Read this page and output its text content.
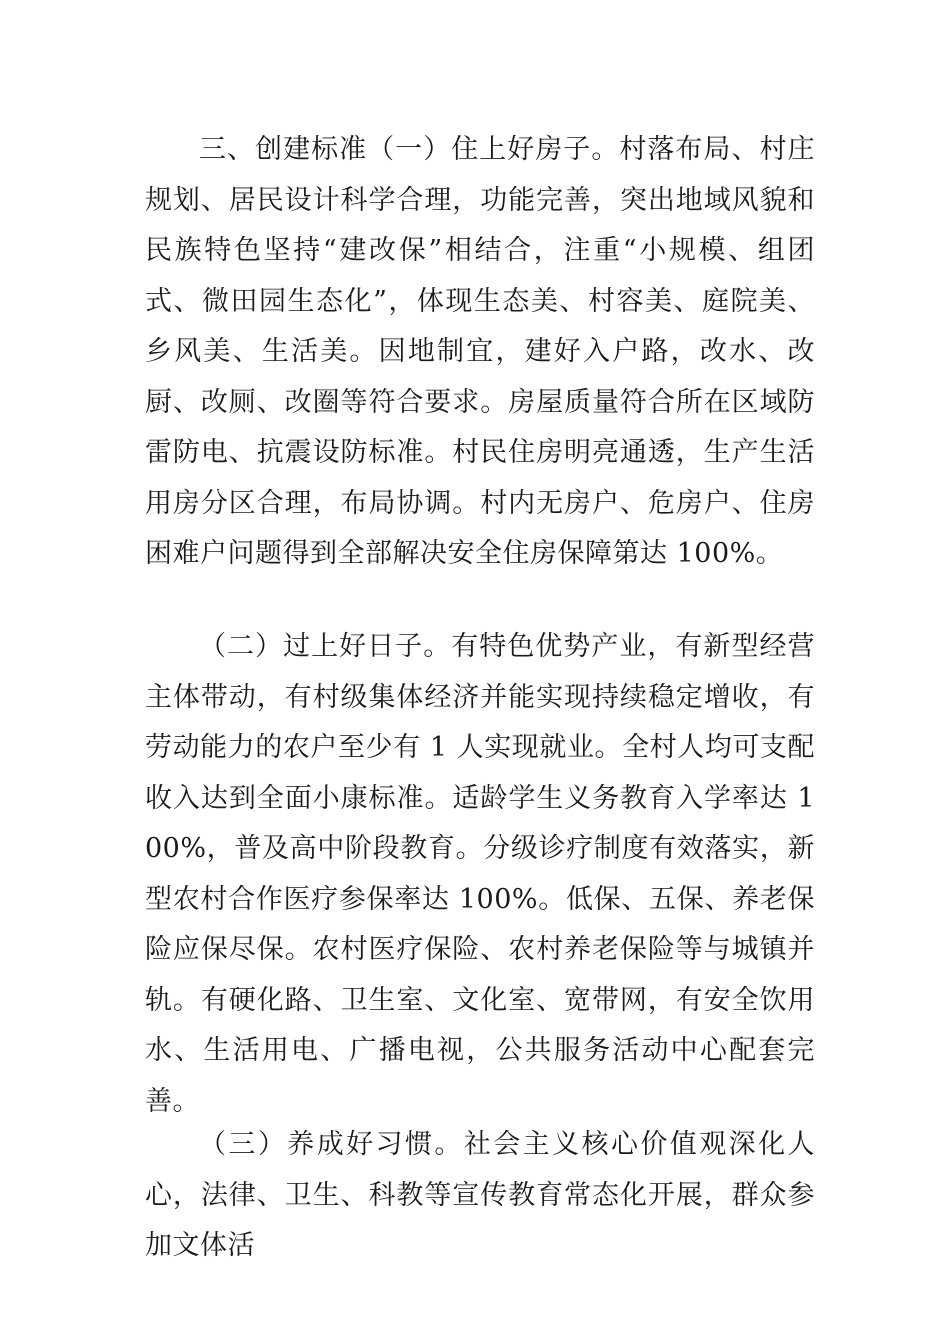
三、创建标准（一）住上好房子。村落布局、村庄规划、居民设计科学合理，功能完善，突出地域风貌和民族特色坚持“建改保”相结合，注重“小规模、组团式、微田园生态化”，体现生态美、村容美、庭院美、乡风美、生活美。因地制宜，建好入户路，改水、改厨、改厕、改圈等符合要求。房屋质量符合所在区域防雷防电、抗震设防标准。村民住房明亮通透，生产生活用房分区合理，布局协调。村内无房户、危房户、住房困难户问题得到全部解决安全住房保障第达 100%。

（二）过上好日子。有特色优势产业，有新型经营主体带动，有村级集体经济并能实现持续稳定增收，有劳动能力的农户至少有 1 人实现就业。全村人均可支配收入达到全面小康标准。适龄学生义务教育入学率达 100%，普及高中阶段教育。分级诊疗制度有效落实，新型农村合作医疗参保率达 100%。低保、五保、养老保险应保尽保。农村医疗保险、农村养老保险等与城镇并轨。有硬化路、卫生室、文化室、宽带网，有安全饮用水、生活用电、广播电视，公共服务活动中心配套完善。

（三）养成好习惯。社会主义核心价值观深化人心，法律、卫生、科教等宣传教育常态化开展，群众参加文体活
